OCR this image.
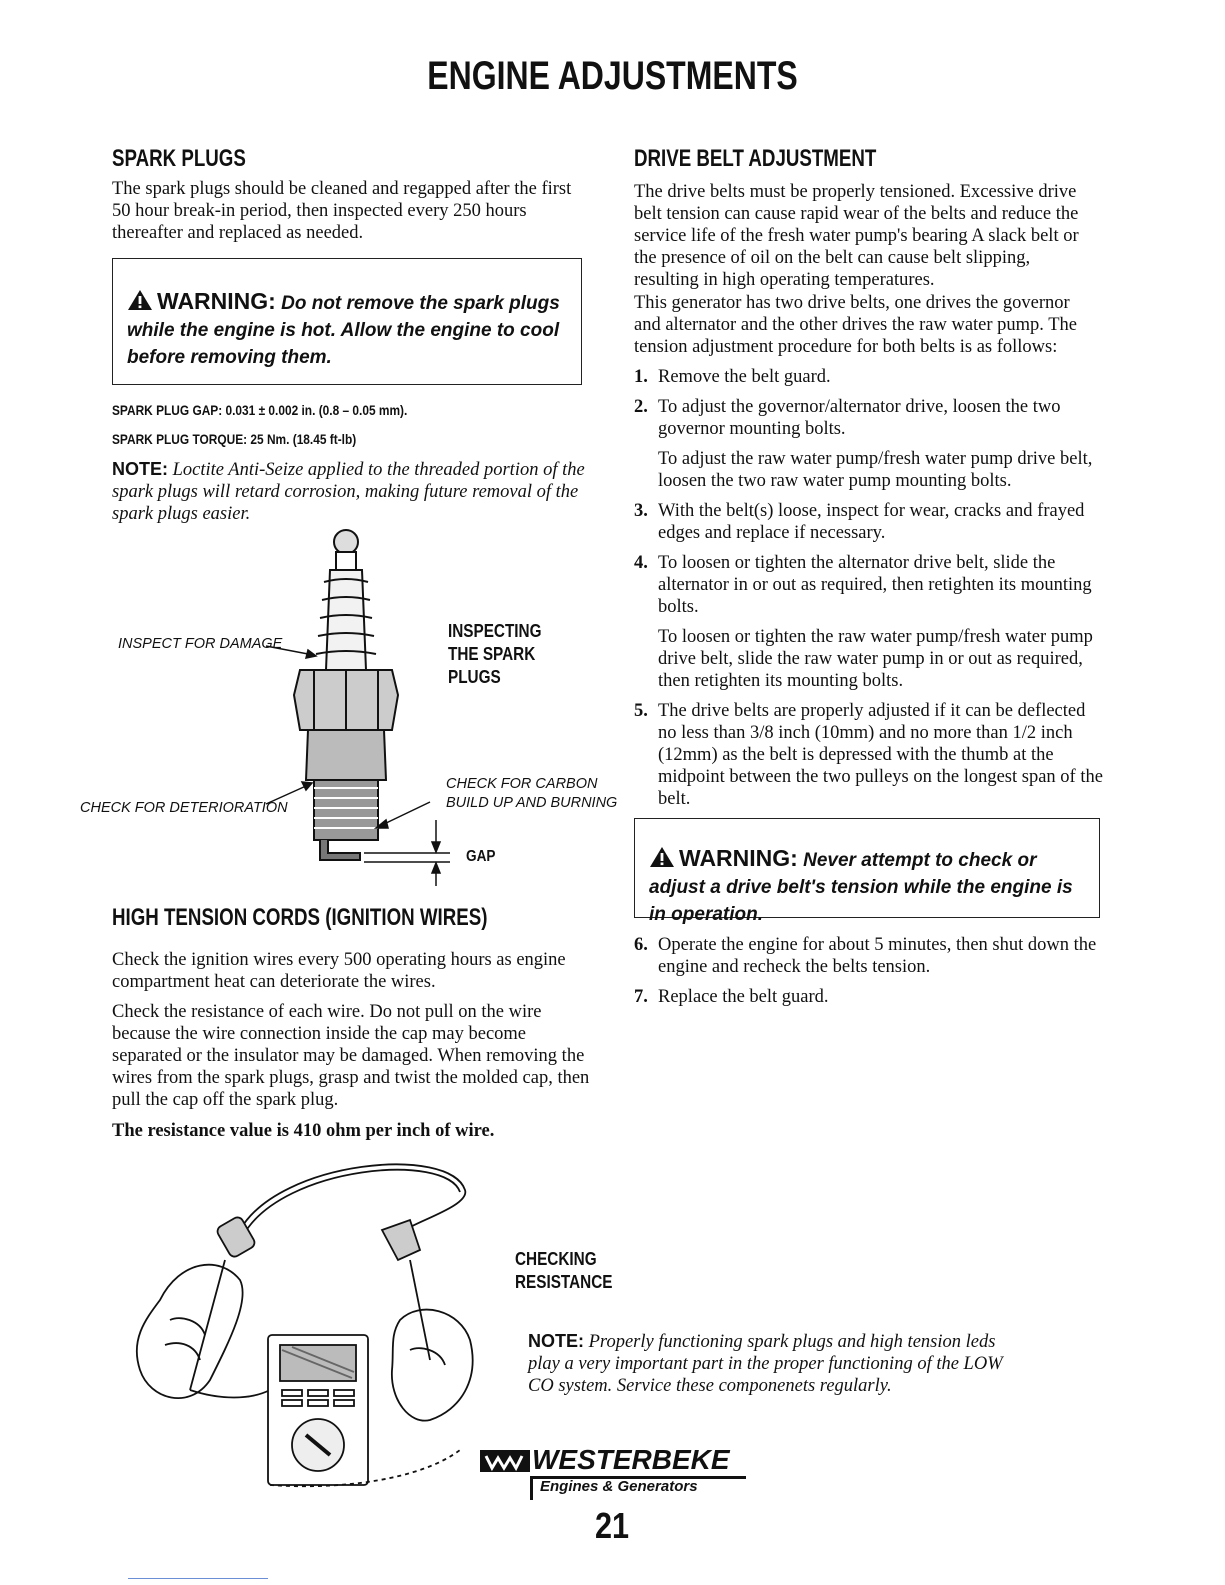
ENGINE ADJUSTMENTS
SPARK PLUGS
The spark plugs should be cleaned and regapped after the first 50 hour break-in period, then inspected every 250 hours thereafter and replaced as needed.
WARNING: Do not remove the spark plugs while the engine is hot. Allow the engine to cool before removing them.
SPARK PLUG GAP: 0.031 ± 0.002 in. (0.8 – 0.05 mm).
SPARK PLUG TORQUE: 25 Nm. (18.45 ft-lb)
NOTE: Loctite Anti-Seize applied to the threaded portion of the spark plugs will retard corrosion, making future removal of the spark plugs easier.
INSPECT FOR DAMAGE
CHECK FOR DETERIORATION
CHECK FOR CARBON
BUILD UP AND BURNING
GAP
INSPECTING
THE SPARK
PLUGS
HIGH TENSION CORDS (IGNITION WIRES)
Check the ignition wires every 500 operating hours as engine compartment heat can deteriorate the wires.
Check the resistance of each wire. Do not pull on the wire because the wire connection inside the cap may become separated or the insulator may be damaged. When removing the wires from the spark plugs, grasp and twist the molded cap, then pull the cap off the spark plug.
The resistance value is 410 ohm per inch of wire.
CHECKING
RESISTANCE
NOTE: Properly functioning spark plugs and high tension leds play a very important part in the proper functioning of the LOW CO system. Service these componenets regularly.
DRIVE BELT ADJUSTMENT
The drive belts must be properly tensioned. Excessive drive belt tension can cause rapid wear of the belts and reduce the service life of the fresh water pump's bearing A slack belt or the presence of oil on the belt can cause belt slipping, resulting in high operating temperatures.
This generator has two drive belts, one drives the governor and alternator and the other drives the raw water pump. The tension adjustment procedure for both belts is as follows:
1. Remove the belt guard.
2. To adjust the governor/alternator drive, loosen the two governor mounting bolts.
To adjust the raw water pump/fresh water pump drive belt, loosen the two raw water pump mounting bolts.
3. With the belt(s) loose, inspect for wear, cracks and frayed edges and replace if necessary.
4. To loosen or tighten the alternator drive belt, slide the alternator in or out as required, then retighten its mounting bolts.
To loosen or tighten the raw water pump/fresh water pump drive belt, slide the raw water pump in or out as required, then retighten its mounting bolts.
5. The drive belts are properly adjusted if it can be deflected no less than 3/8 inch (10mm) and no more than 1/2 inch (12mm) as the belt is depressed with the thumb at the midpoint between the two pulleys on the longest span of the belt.
WARNING: Never attempt to check or adjust a drive belt's tension while the engine is in operation.
6. Operate the engine for about 5 minutes, then shut down the engine and recheck the belts tension.
7. Replace the belt guard.
WESTERBEKE
Engines & Generators
21
